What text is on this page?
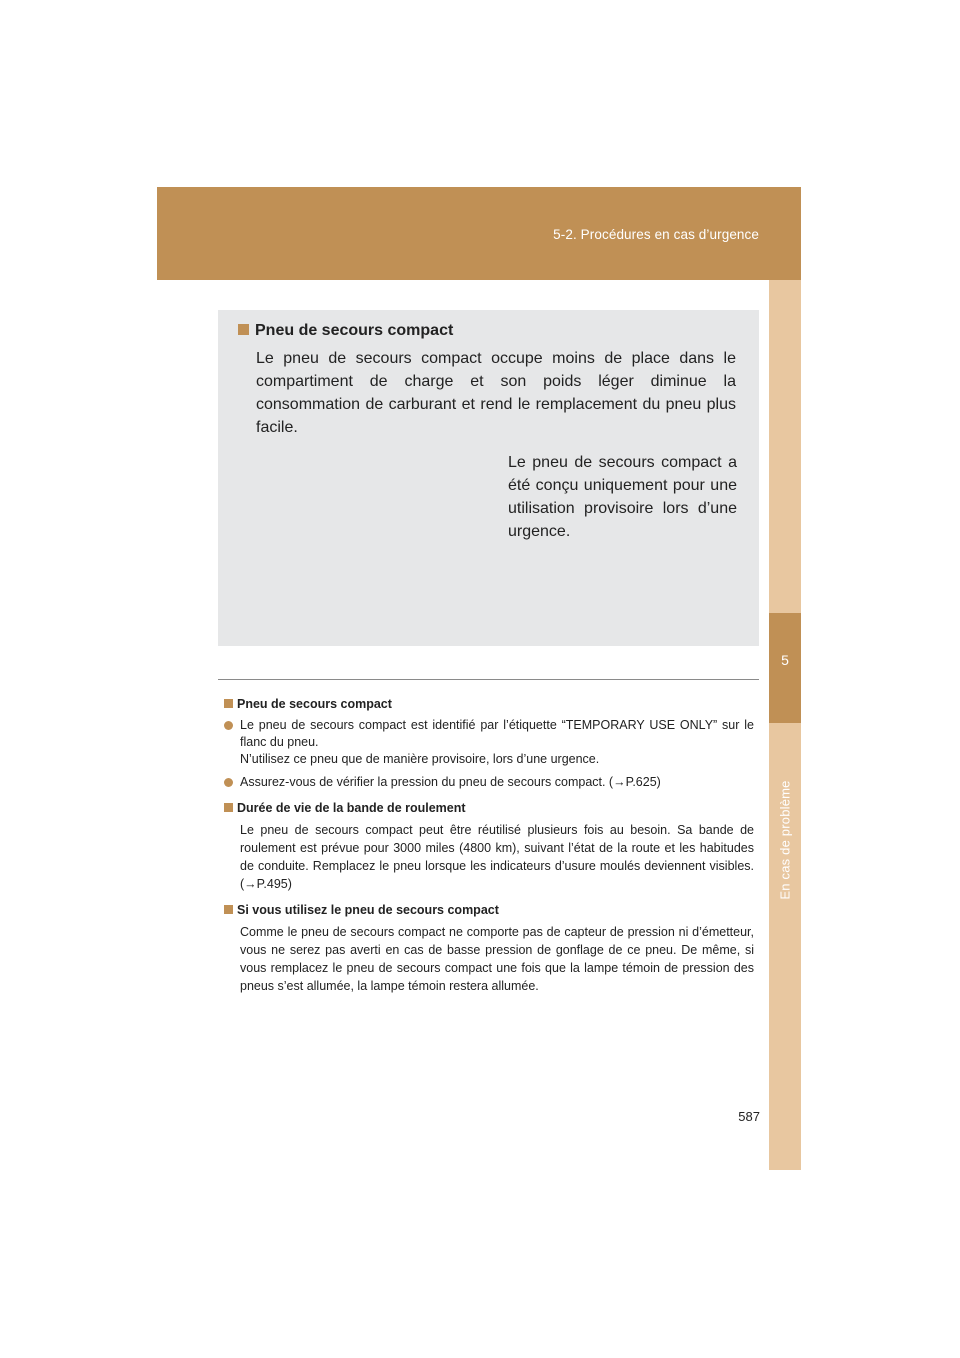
5-2. Procédures en cas d’urgence
5
En cas de problème
Pneu de secours compact
Le pneu de secours compact occupe moins de place dans le compartiment de charge et son poids léger diminue la consommation de carburant et rend le remplacement du pneu plus facile.
Le pneu de secours compact a été conçu uniquement pour une utilisation provisoire lors d’une urgence.
Pneu de secours compact
Le pneu de secours compact est identifié par l’étiquette “TEMPORARY USE ONLY” sur le flanc du pneu.
N’utilisez ce pneu que de manière provisoire, lors d’une urgence.
Assurez-vous de vérifier la pression du pneu de secours compact. (→P.625)
Durée de vie de la bande de roulement
Le pneu de secours compact peut être réutilisé plusieurs fois au besoin. Sa bande de roulement est prévue pour 3000 miles (4800 km), suivant l’état de la route et les habitudes de conduite. Remplacez le pneu lorsque les indicateurs d’usure moulés deviennent visibles. (→P.495)
Si vous utilisez le pneu de secours compact
Comme le pneu de secours compact ne comporte pas de capteur de pression ni d’émetteur, vous ne serez pas averti en cas de basse pression de gonflage de ce pneu. De même, si vous remplacez le pneu de secours compact une fois que la lampe témoin de pression des pneus s’est allumée, la lampe témoin restera allumée.
587
